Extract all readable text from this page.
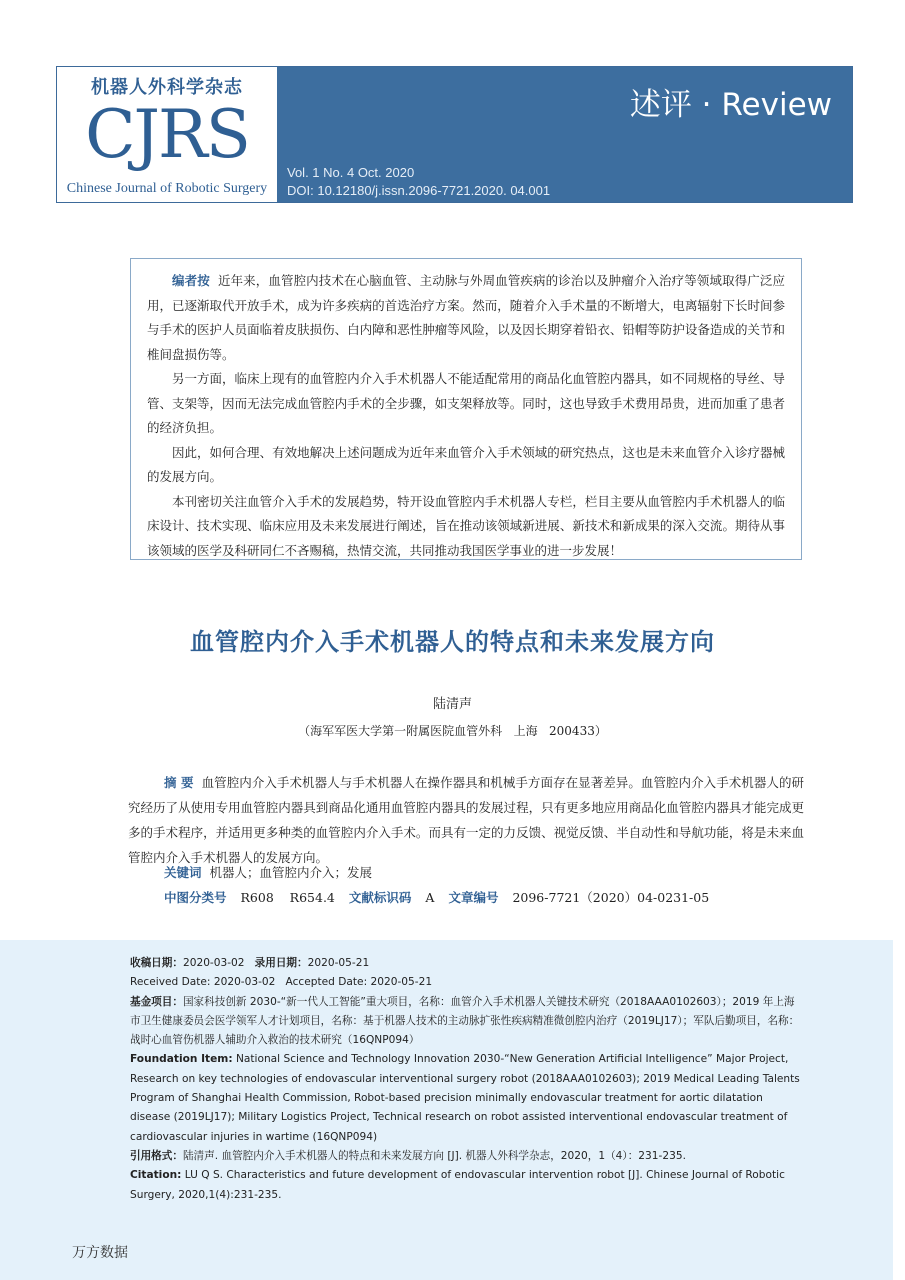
机器人外科学杂志
CJRS
Chinese Journal of Robotic Surgery
述评 · Review
Vol. 1 No. 4 Oct. 2020
DOI: 10.12180/j.issn.2096-7721.2020. 04.001

编者按 近年来，血管腔内技术在心脑血管、主动脉与外周血管疾病的诊治以及肿瘤介入治疗等领域取得广泛应用，已逐渐取代开放手术，成为许多疾病的首选治疗方案。然而，随着介入手术量的不断增大，电离辐射下长时间参与手术的医护人员面临着皮肤损伤、白内障和恶性肿瘤等风险，以及因长期穿着铅衣、铅帽等防护设备造成的关节和椎间盘损伤等。

另一方面，临床上现有的血管腔内介入手术机器人不能适配常用的商品化血管腔内器具，如不同规格的导丝、导管、支架等，因而无法完成血管腔内手术的全步骤，如支架释放等。同时，这也导致手术费用昂贵，进而加重了患者的经济负担。

因此，如何合理、有效地解决上述问题成为近年来血管介入手术领域的研究热点，这也是未来血管介入诊疗器械的发展方向。

本刊密切关注血管介入手术的发展趋势，特开设血管腔内手术机器人专栏，栏目主要从血管腔内手术机器人的临床设计、技术实现、临床应用及未来发展进行阐述，旨在推动该领域新进展、新技术和新成果的深入交流。期待从事该领域的医学及科研同仁不吝赐稿，热情交流，共同推动我国医学事业的进一步发展！

血管腔内介入手术机器人的特点和未来发展方向
陆清声
（海军军医大学第一附属医院血管外科   上海   200433）

摘 要 血管腔内介入手术机器人与手术机器人在操作器具和机械手方面存在显著差异。血管腔内介入手术机器人的研究经历了从使用专用血管腔内器具到商品化通用血管腔内器具的发展过程，只有更多地应用商品化血管腔内器具才能完成更多的手术程序，并适用更多种类的血管腔内介入手术。而具有一定的力反馈、视觉反馈、半自动性和导航功能，将是未来血管腔内介入手术机器人的发展方向。

关键词 机器人；血管腔内介入；发展
中图分类号 R608    R654.4 文献标识码 A 文章编号 2096-7721（2020）04-0231-05
收稿日期：2020-03-02 录用日期：2020-05-21
Received Date: 2020-03-02 Accepted Date: 2020-05-21
基金项目：国家科技创新 2030-“新一代人工智能”重大项目，名称：血管介入手术机器人关键技术研究（2018AAA0102603）；2019 年上海市卫生健康委员会医学领军人才计划项目，名称：基于机器人技术的主动脉扩张性疾病精准微创腔内治疗（2019LJ17）；军队后勤项目，名称：战时心血管伤机器人辅助介入救治的技术研究（16QNP094）
Foundation Item: National Science and Technology Innovation 2030-“New Generation Artificial Intelligence” Major Project, Research on key technologies of endovascular interventional surgery robot (2018AAA0102603); 2019 Medical Leading Talents Program of Shanghai Health Commission, Robot-based precision minimally endovascular treatment for aortic dilatation disease (2019LJ17); Military Logistics Project, Technical research on robot assisted interventional endovascular treatment of cardiovascular injuries in wartime (16QNP094)
引用格式：陆清声. 血管腔内介入手术机器人的特点和未来发展方向 [J]. 机器人外科学杂志，2020，1（4）：231-235.
Citation: LU Q S. Characteristics and future development of endovascular intervention robot [J]. Chinese Journal of Robotic Surgery, 2020,1(4):231-235.
万方数据
